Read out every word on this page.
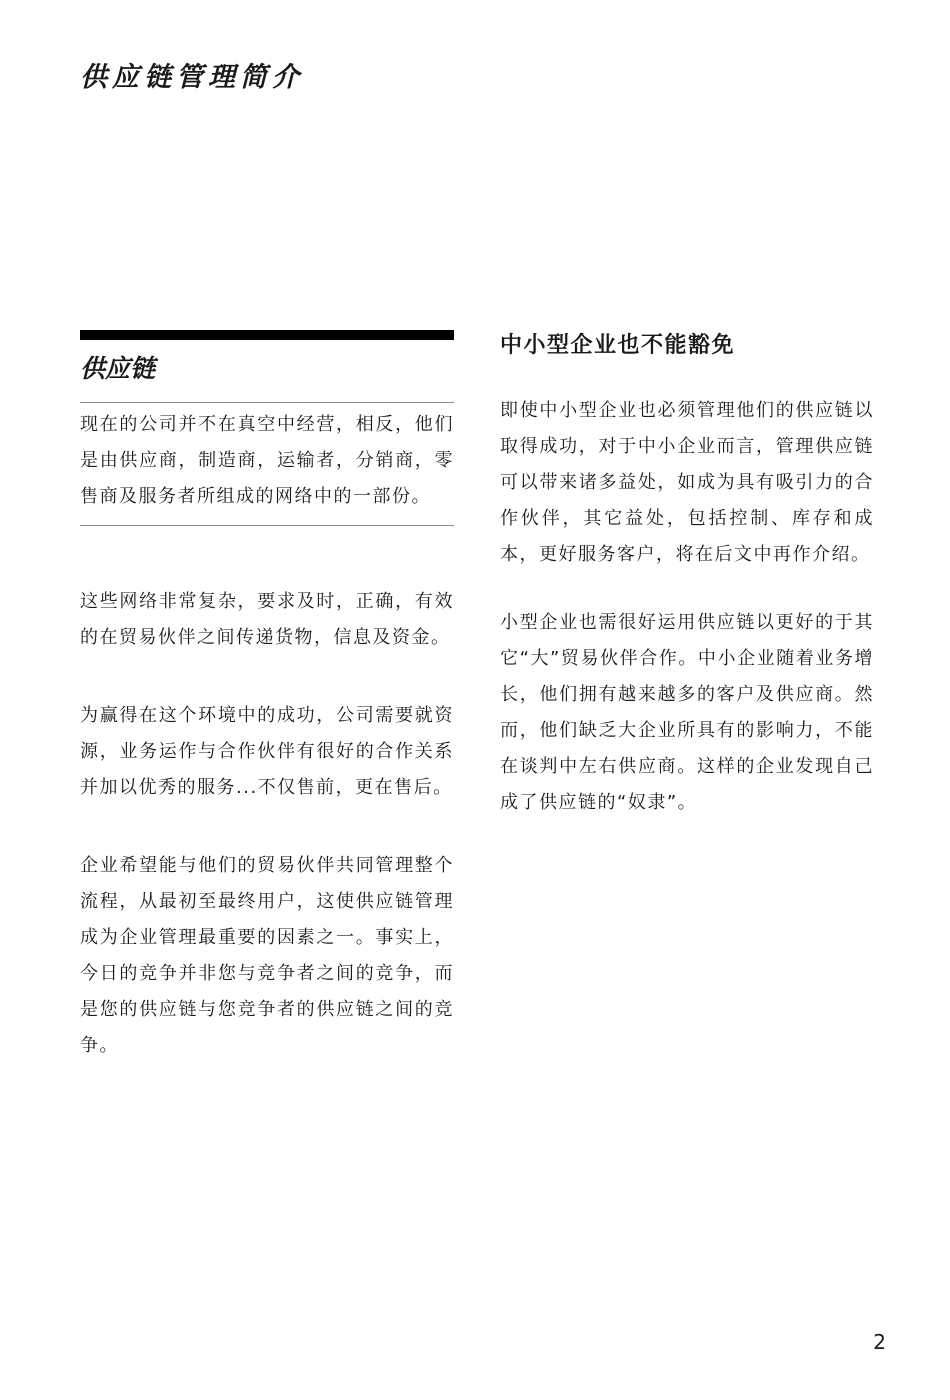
供应链管理简介
供应链

现在的公司并不在真空中经营，相反，他们是由供应商，制造商，运输者，分销商，零售商及服务者所组成的网络中的一部份。

这些网络非常复杂，要求及时，正确，有效的在贸易伙伴之间传递货物，信息及资金。

为赢得在这个环境中的成功，公司需要就资源，业务运作与合作伙伴有很好的合作关系并加以优秀的服务...不仅售前，更在售后。

企业希望能与他们的贸易伙伴共同管理整个流程，从最初至最终用户，这使供应链管理成为企业管理最重要的因素之一。事实上，今日的竞争并非您与竞争者之间的竞争，而是您的供应链与您竞争者的供应链之间的竞争。

中小型企业也不能豁免

即使中小型企业也必须管理他们的供应链以取得成功，对于中小企业而言，管理供应链可以带来诸多益处，如成为具有吸引力的合作伙伴，其它益处，包括控制、库存和成本，更好服务客户，将在后文中再作介绍。

小型企业也需很好运用供应链以更好的于其它“大”贸易伙伴合作。中小企业随着业务增长，他们拥有越来越多的客户及供应商。然而，他们缺乏大企业所具有的影响力，不能在谈判中左右供应商。这样的企业发现自己成了供应链的“奴隶”。

2
